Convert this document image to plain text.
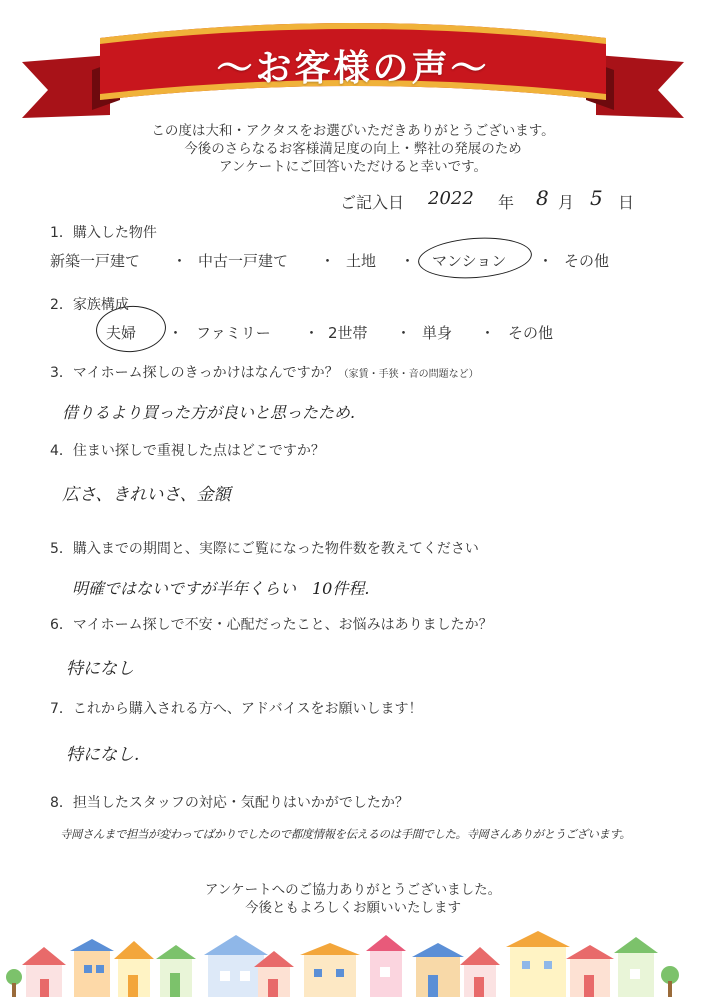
〜お客様の声〜
この度は大和・アクタスをお選びいただきありがとうございます。
今後のさらなるお客様満足度の向上・弊社の発展のため
アンケートにご回答いただけると幸いです。
ご記入日 2022 年 8 月 5 日
1．購入した物件
新築一戸建て ・ 中古一戸建て ・ 土地 ・ マンション ・ その他
2．家族構成
夫婦 ・ ファミリー ・ 2世帯 ・ 単身 ・ その他
3．マイホーム探しのきっかけはなんですか？（家賃・手狭・音の問題など）
借りるより買った方が良いと思ったため.
4．住まい探しで重視した点はどこですか？
広さ、きれいさ、金額
5．購入までの期間と、実際にご覧になった物件数を教えてください
明確ではないですが半年くらい　10件程.
6．マイホーム探しで不安・心配だったこと、お悩みはありましたか？
特になし
7．これから購入される方へ、アドバイスをお願いします！
特になし.
8．担当したスタッフの対応・気配りはいかがでしたか？
寺岡さんまで担当が変わってばかりでしたので都度情報を伝えるのは手間でした。寺岡さんありがとうございます。
アンケートへのご協力ありがとうございました。
今後ともよろしくお願いいたします
